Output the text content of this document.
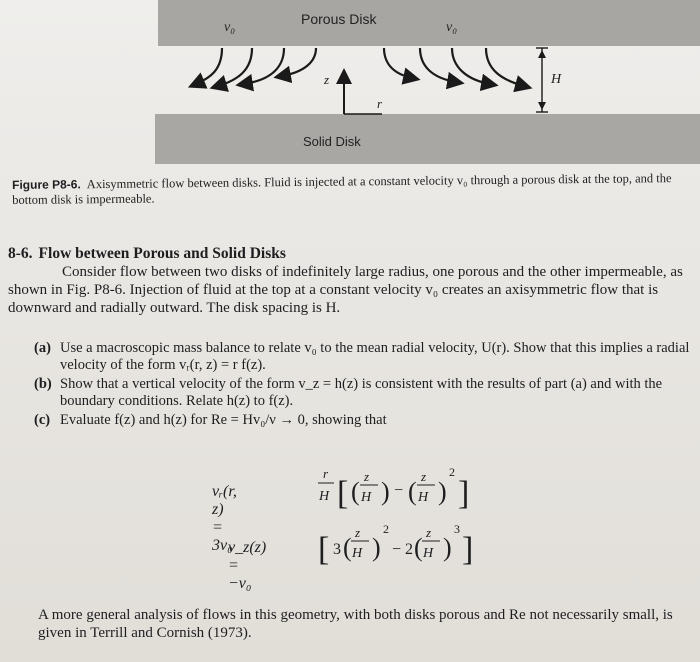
v₀
Porous Disk
v₀
z
r
H
Solid Disk
Figure P8-6. Axisymmetric flow between disks. Fluid is injected at a constant velocity v₀ through a porous disk at the top, and the bottom disk is impermeable.
8-6. Flow between Porous and Solid Disks

Consider flow between two disks of indefinitely large radius, one porous and the other impermeable, as shown in Fig. P8-6. Injection of fluid at the top at a constant velocity v₀ creates an axisymmetric flow that is downward and radially outward. The disk spacing is H.

(a) Use a macroscopic mass balance to relate v₀ to the mean radial velocity, U(r). Show that this implies a radial velocity of the form vᵣ(r, z) = r f(z).
(b) Show that a vertical velocity of the form v_z = h(z) is consistent with the results of part (a) and with the boundary conditions. Relate h(z) to f(z).
(c) Evaluate f(z) and h(z) for Re = Hv₀/ν → 0, showing that
vᵣ(r, z) = 3v₀
r
H [ (
z
H ) − (
z
H )
2
]
v_z(z) = −v₀
[ 3 (
z
H )
2
− 2 (
z
H )
3
]

A more general analysis of flows in this geometry, with both disks porous and Re not necessarily small, is given in Terrill and Cornish (1973).
